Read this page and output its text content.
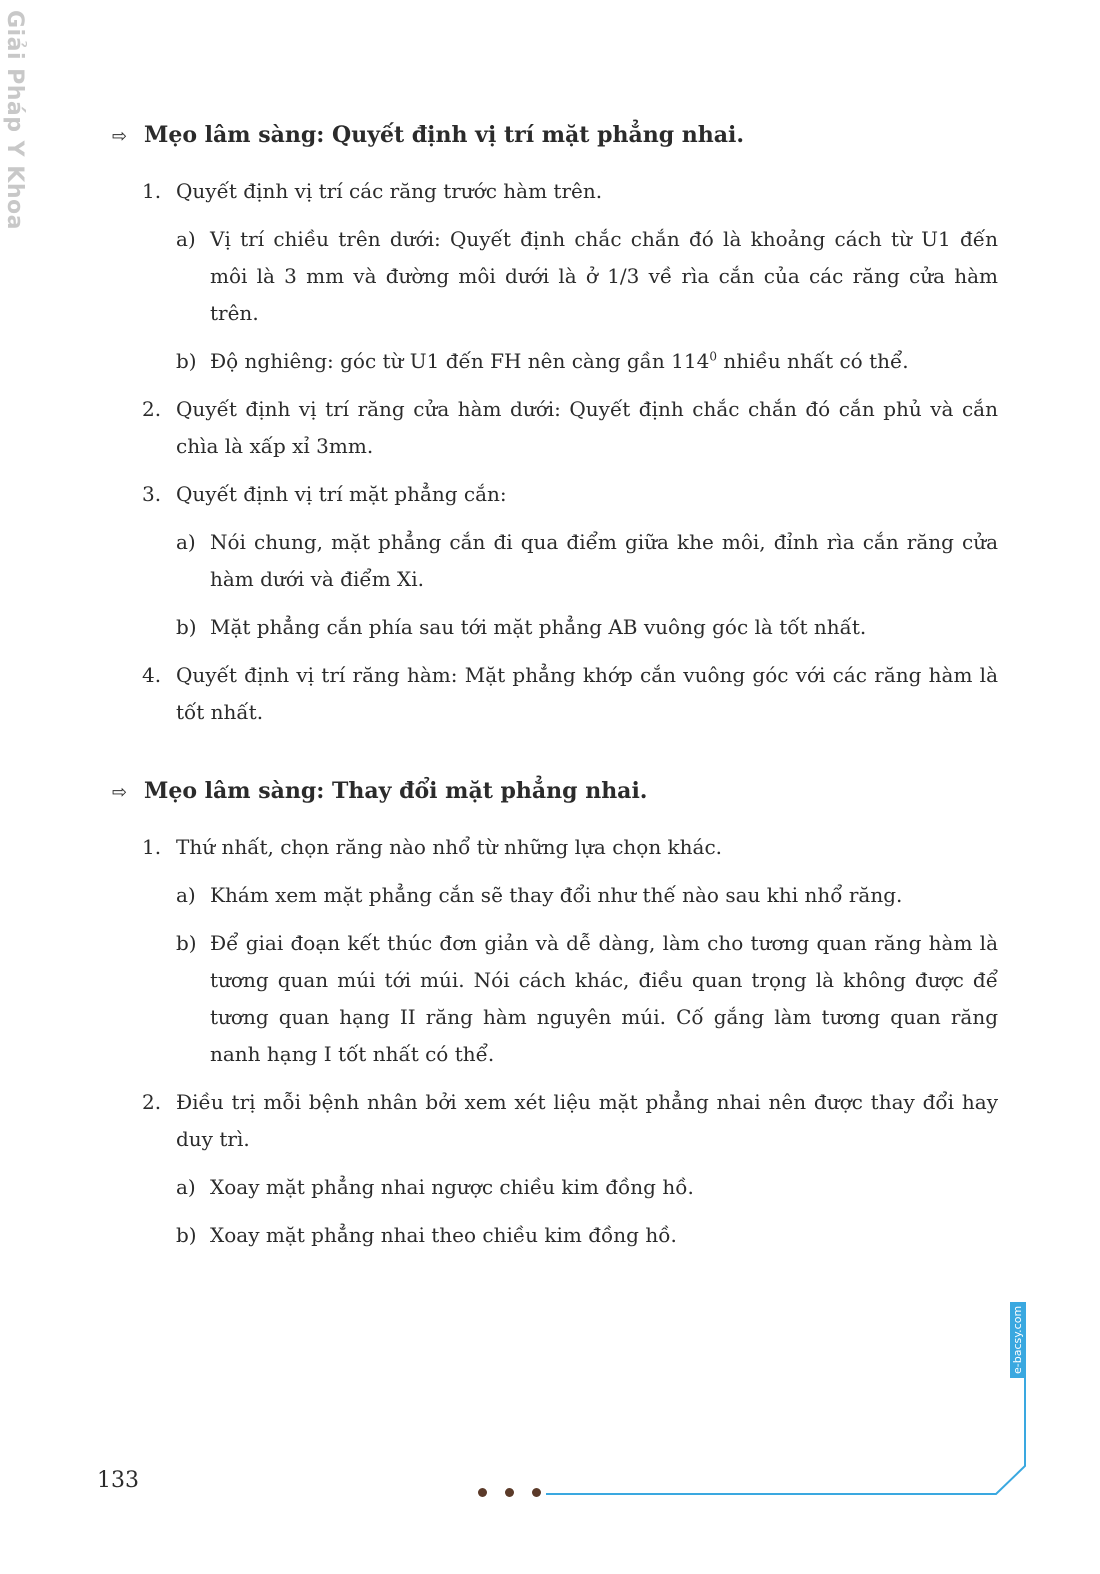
Giải Pháp Y Khoa	⇨ Mẹo lâm sàng: Quyết định vị trí mặt phẳng nhai.
1. Quyết định vị trí các răng trước hàm trên.
a) Vị trí chiều trên dưới: Quyết định chắc chắn đó là khoảng cách từ U1 đến môi là 3 mm và đường môi dưới là ở 1/3 về rìa cắn của các răng cửa hàm trên.
b) Độ nghiêng: góc từ U1 đến FH nên càng gần $114^0$ nhiều nhất có thể.
2. Quyết định vị trí răng cửa hàm dưới: Quyết định chắc chắn đó cắn phủ và cắn chìa là xấp xỉ 3mm.
3. Quyết định vị trí mặt phẳng cắn:
a) Nói chung, mặt phẳng cắn đi qua điểm giữa khe môi, đỉnh rìa cắn răng cửa hàm dưới và điểm Xi.
b) Mặt phẳng cắn phía sau tới mặt phẳng AB vuông góc là tốt nhất.
4. Quyết định vị trí răng hàm: Mặt phẳng khớp cắn vuông góc với các răng hàm là tốt nhất.
⇨ Mẹo lâm sàng: Thay đổi mặt phẳng nhai.
1. Thứ nhất, chọn răng nào nhổ từ những lựa chọn khác.
a) Khám xem mặt phẳng cắn sẽ thay đổi như thế nào sau khi nhổ răng.
b) Để giai đoạn kết thúc đơn giản và dễ dàng, làm cho tương quan răng hàm là tương quan múi tới múi. Nói cách khác, điều quan trọng là không được để tương quan hạng II răng hàm nguyên múi. Cố gắng làm tương quan răng nanh hạng I tốt nhất có thể.
2. Điều trị mỗi bệnh nhân bởi xem xét liệu mặt phẳng nhai nên được thay đổi hay duy trì.
a) Xoay mặt phẳng nhai ngược chiều kim đồng hồ.
b) Xoay mặt phẳng nhai theo chiều kim đồng hồ.
e-bacsy.com
133
